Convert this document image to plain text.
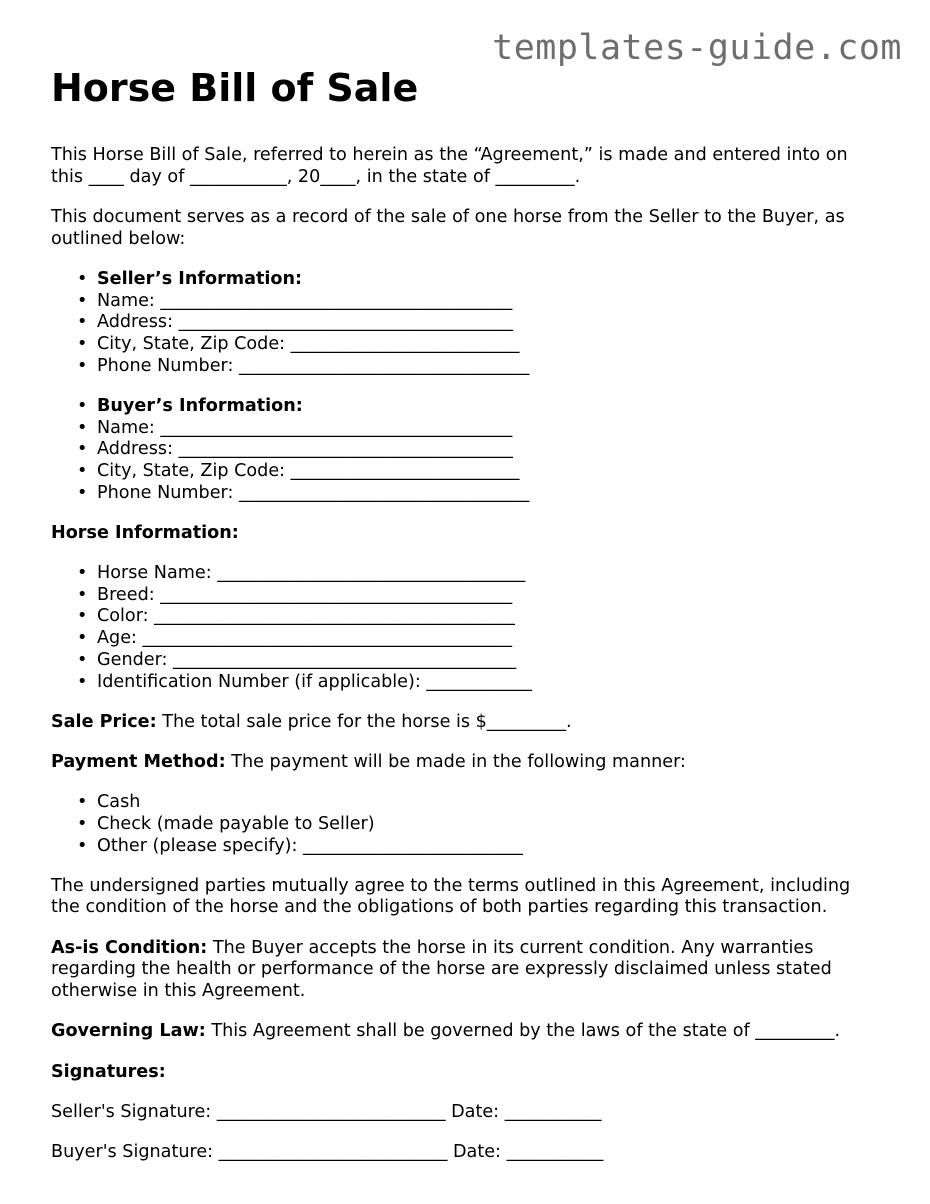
templates-guide.com
Horse Bill of Sale

This Horse Bill of Sale, referred to herein as the “Agreement,” is made and entered into on
this ____ day of ___________, 20____, in the state of _________.

This document serves as a record of the sale of one horse from the Seller to the Buyer, as outlined below:

• Seller’s Information:
• Name: ________________________________________
• Address: ______________________________________
• City, State, Zip Code: __________________________
• Phone Number: _________________________________
• Buyer’s Information:
• Name: ________________________________________
• Address: ______________________________________
• City, State, Zip Code: __________________________
• Phone Number: _________________________________

Horse Information:

• Horse Name: ___________________________________
• Breed: ________________________________________
• Color: _________________________________________
• Age: __________________________________________
• Gender: _______________________________________
• Identification Number (if applicable): ____________

Sale Price: The total sale price for the horse is $_________.

Payment Method: The payment will be made in the following manner:

• Cash
• Check (made payable to Seller)
• Other (please specify): _________________________

The undersigned parties mutually agree to the terms outlined in this Agreement, including the condition of the horse and the obligations of both parties regarding this transaction.

As-is Condition: The Buyer accepts the horse in its current condition. Any warranties regarding the health or performance of the horse are expressly disclaimed unless stated otherwise in this Agreement.

Governing Law: This Agreement shall be governed by the laws of the state of _________.

Signatures:

Seller's Signature: __________________________ Date: ___________

Buyer's Signature: __________________________ Date: ___________
